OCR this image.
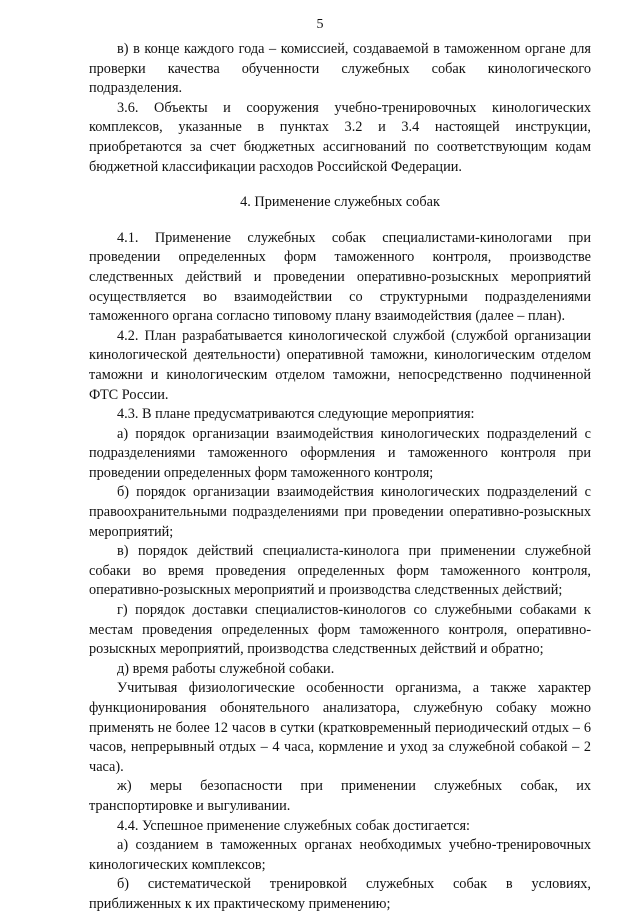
5

в) в конце каждого года – комиссией, создаваемой в таможенном органе для проверки качества обученности служебных собак кинологического подразделения.

3.6. Объекты и сооружения учебно-тренировочных кинологических комплексов, указанные в пунктах 3.2 и 3.4 настоящей инструкции, приобретаются за счет бюджетных ассигнований по соответствующим кодам бюджетной классификации расходов Российской Федерации.

4. Применение служебных собак

4.1. Применение служебных собак специалистами-кинологами при проведении определенных форм таможенного контроля, производстве следственных действий и проведении оперативно-розыскных мероприятий осуществляется во взаимодействии со структурными подразделениями таможенного органа согласно типовому плану взаимодействия (далее – план).

4.2. План разрабатывается кинологической службой (службой организации кинологической деятельности) оперативной таможни, кинологическим отделом таможни и кинологическим отделом таможни, непосредственно подчиненной ФТС России.

4.3. В плане предусматриваются следующие мероприятия:

а) порядок организации взаимодействия кинологических подразделений с подразделениями таможенного оформления и таможенного контроля при проведении определенных форм таможенного контроля;

б) порядок организации взаимодействия кинологических подразделений с правоохранительными подразделениями при проведении оперативно-розыскных мероприятий;

в) порядок действий специалиста-кинолога при применении служебной собаки во время проведения определенных форм таможенного контроля, оперативно-розыскных мероприятий и производства следственных действий;

г) порядок доставки специалистов-кинологов со служебными собаками к местам проведения определенных форм таможенного контроля, оперативно-розыскных мероприятий, производства следственных действий и обратно;

д) время работы служебной собаки.

Учитывая физиологические особенности организма, а также характер функционирования обонятельного анализатора, служебную собаку можно применять не более 12 часов в сутки (кратковременный периодический отдых – 6 часов, непрерывный отдых – 4 часа, кормление и уход за служебной собакой – 2 часа).

ж) меры безопасности при применении служебных собак, их транспортировке и выгуливании.

4.4. Успешное применение служебных собак достигается:

а) созданием в таможенных органах необходимых учебно-тренировочных кинологических комплексов;

б) систематической тренировкой служебных собак в условиях, приближенных к их практическому применению;
